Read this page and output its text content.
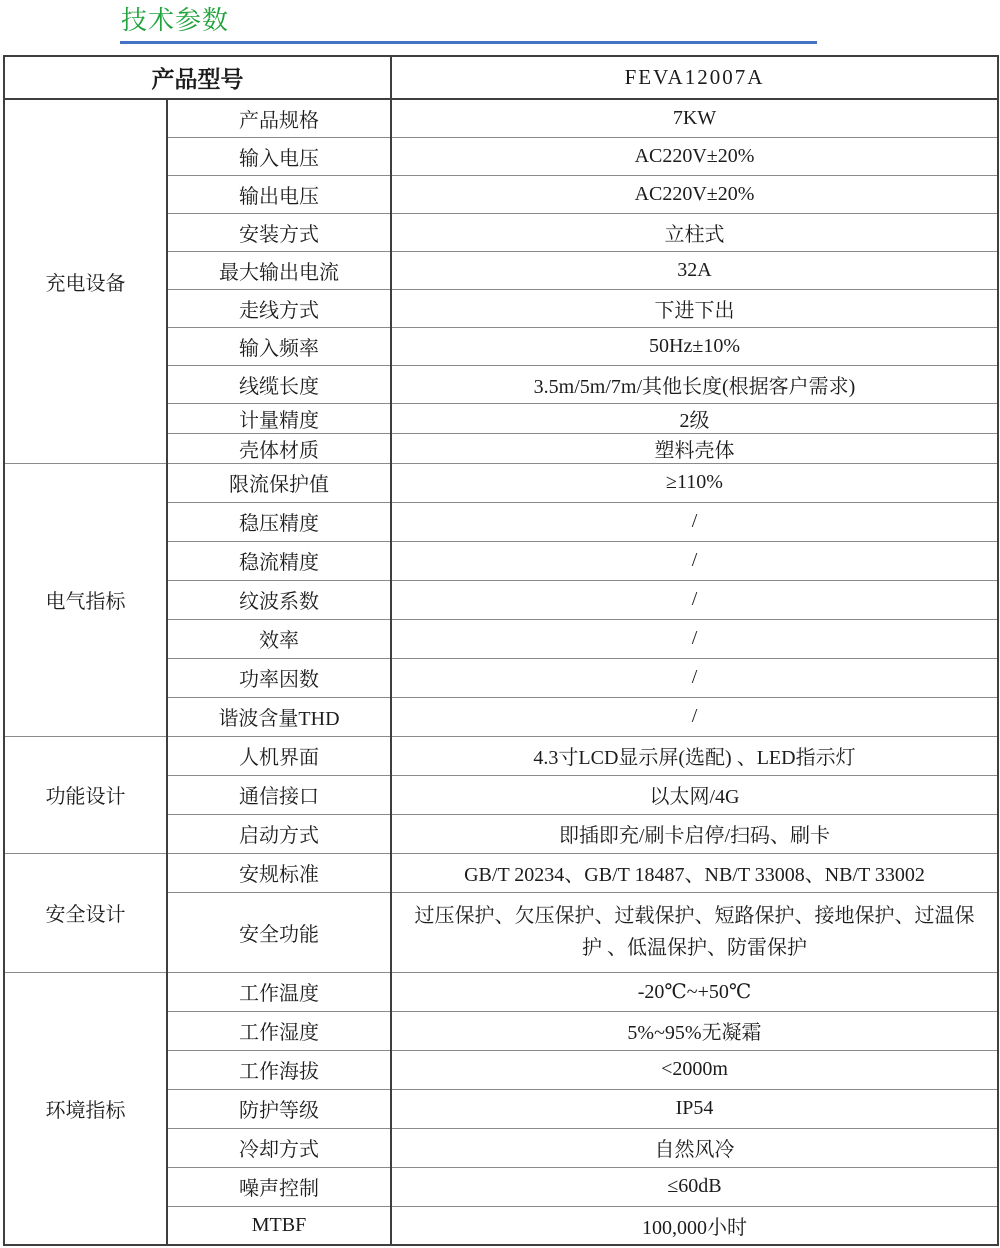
技术参数
产品型号		FEVA12007A
充电设备	产品规格	7KW
	输入电压	AC220V±20%
	输出电压	AC220V±20%
	安装方式	立柱式
	最大输出电流	32A
	走线方式	下进下出
	输入频率	50Hz±10%
	线缆长度	3.5m/5m/7m/其他长度(根据客户需求)
	计量精度	2级
	壳体材质	塑料壳体
电气指标	限流保护值	≥110%
	稳压精度	/
	稳流精度	/
	纹波系数	/
	效率	/
	功率因数	/
	谐波含量THD	/
功能设计	人机界面	4.3寸LCD显示屏(选配) 、LED指示灯
	通信接口	以太网/4G
	启动方式	即插即充/刷卡启停/扫码、刷卡
安全设计	安规标准	GB/T 20234、GB/T 18487、NB/T 33008、NB/T 33002
	安全功能	过压保护、欠压保护、过载保护、短路保护、接地保护、过温保护 、低温保护、防雷保护
环境指标	工作温度	-20℃~+50℃
	工作湿度	5%~95%无凝霜
	工作海拔	<2000m
	防护等级	IP54
	冷却方式	自然风冷
	噪声控制	≤60dB
	MTBF	100,000小时
